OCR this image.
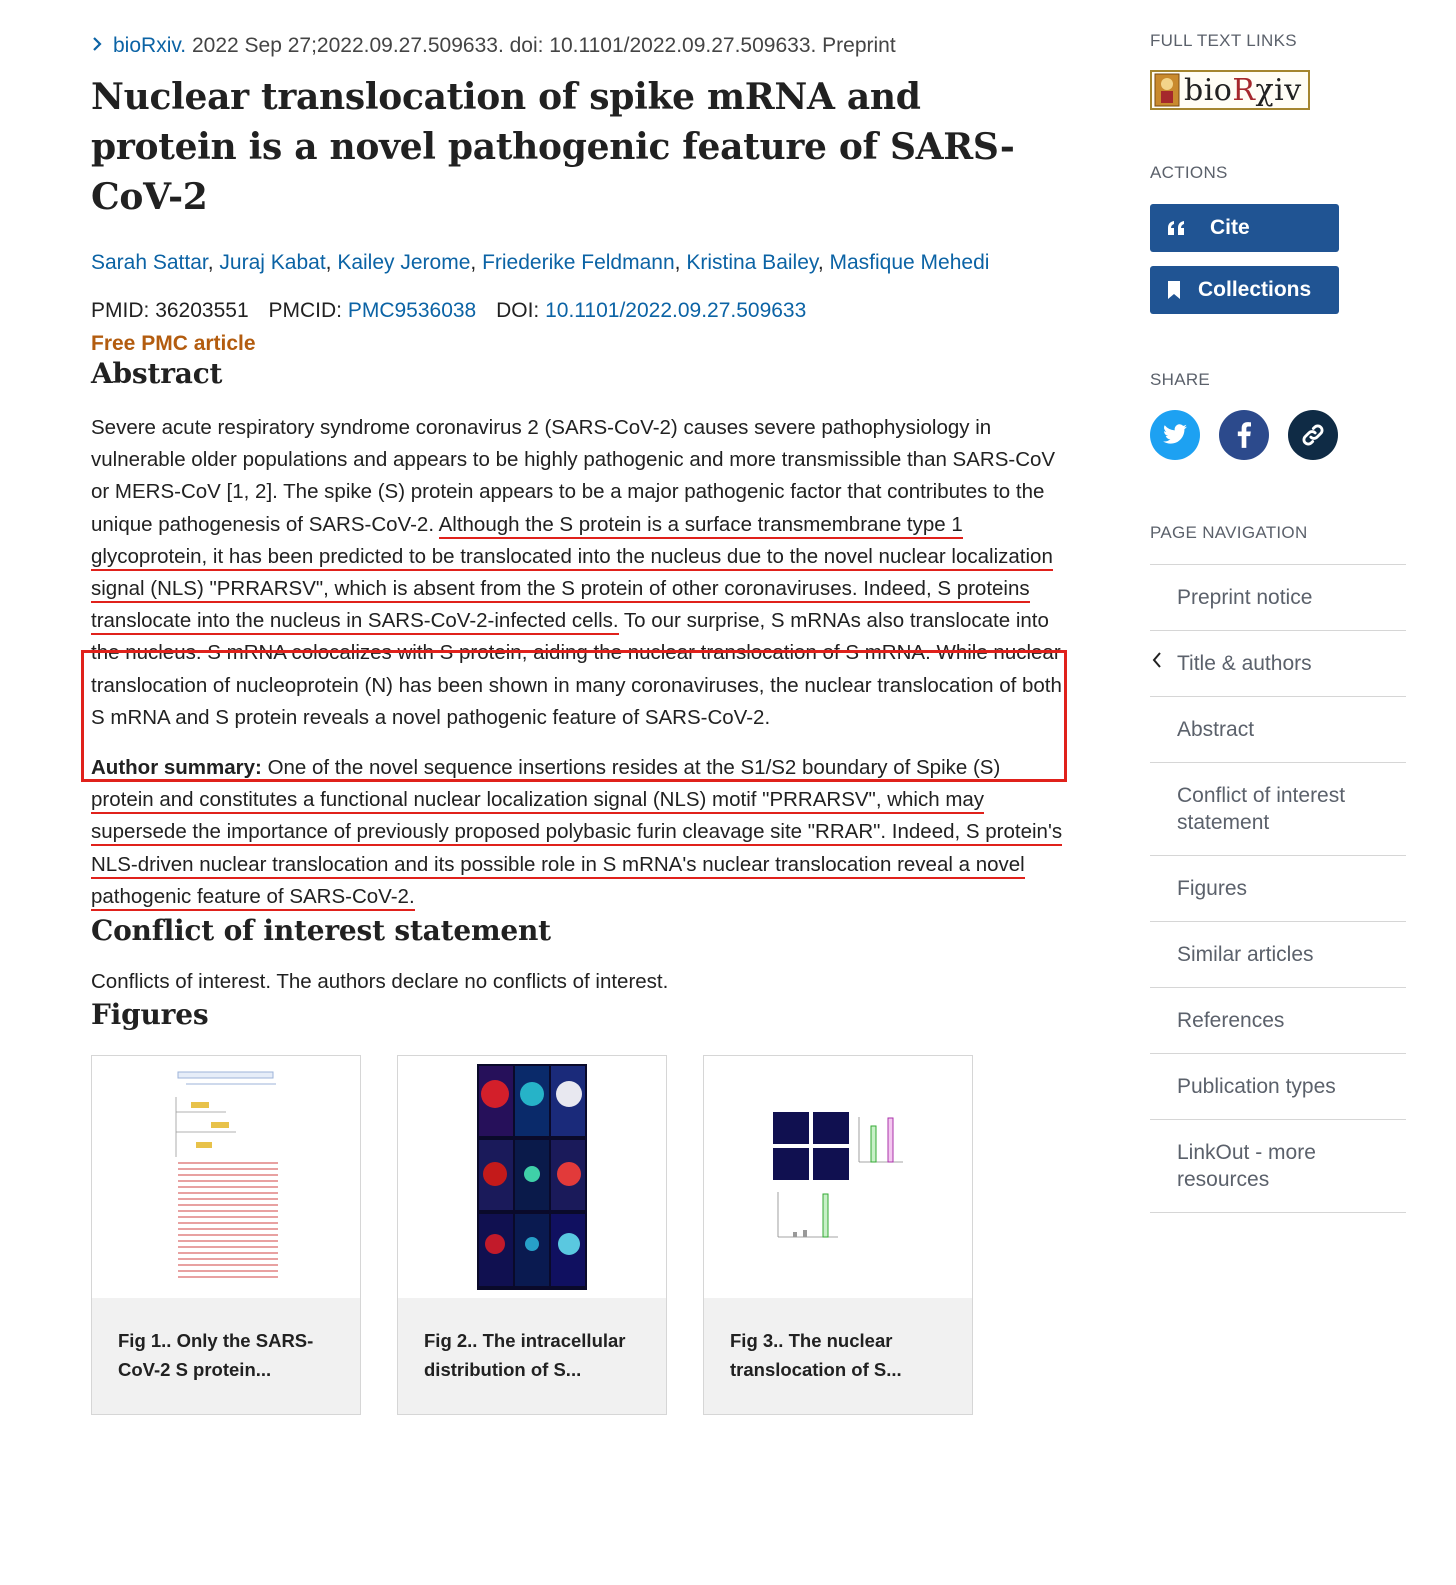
bioRxiv. 2022 Sep 27;2022.09.27.509633. doi: 10.1101/2022.09.27.509633. Preprint
Nuclear translocation of spike mRNA and protein is a novel pathogenic feature of SARS-CoV-2
Sarah Sattar, Juraj Kabat, Kailey Jerome, Friederike Feldmann, Kristina Bailey, Masfique Mehedi
PMID: 36203551 PMCID: PMC9536038 DOI: 10.1101/2022.09.27.509633
Free PMC article
Abstract
Severe acute respiratory syndrome coronavirus 2 (SARS-CoV-2) causes severe pathophysiology in vulnerable older populations and appears to be highly pathogenic and more transmissible than SARS-CoV or MERS-CoV [1, 2]. The spike (S) protein appears to be a major pathogenic factor that contributes to the unique pathogenesis of SARS-CoV-2. Although the S protein is a surface transmembrane type 1 glycoprotein, it has been predicted to be translocated into the nucleus due to the novel nuclear localization signal (NLS) "PRRARSV", which is absent from the S protein of other coronaviruses. Indeed, S proteins translocate into the nucleus in SARS-CoV-2-infected cells. To our surprise, S mRNAs also translocate into the nucleus. S mRNA colocalizes with S protein, aiding the nuclear translocation of S mRNA. While nuclear translocation of nucleoprotein (N) has been shown in many coronaviruses, the nuclear translocation of both S mRNA and S protein reveals a novel pathogenic feature of SARS-CoV-2.
Author summary: One of the novel sequence insertions resides at the S1/S2 boundary of Spike (S) protein and constitutes a functional nuclear localization signal (NLS) motif "PRRARSV", which may supersede the importance of previously proposed polybasic furin cleavage site "RRAR". Indeed, S protein's NLS-driven nuclear translocation and its possible role in S mRNA's nuclear translocation reveal a novel pathogenic feature of SARS-CoV-2.
Conflict of interest statement
Conflicts of interest. The authors declare no conflicts of interest.
Figures
Fig 1.. Only the SARS-CoV-2 S protein...
Fig 2.. The intracellular distribution of S...
Fig 3.. The nuclear translocation of S...
FULL TEXT LINKS
bioRχiv
ACTIONS
Cite
Collections
SHARE
PAGE NAVIGATION
Preprint notice
Title & authors
Abstract
Conflict of interest statement
Figures
Similar articles
References
Publication types
LinkOut - more resources
